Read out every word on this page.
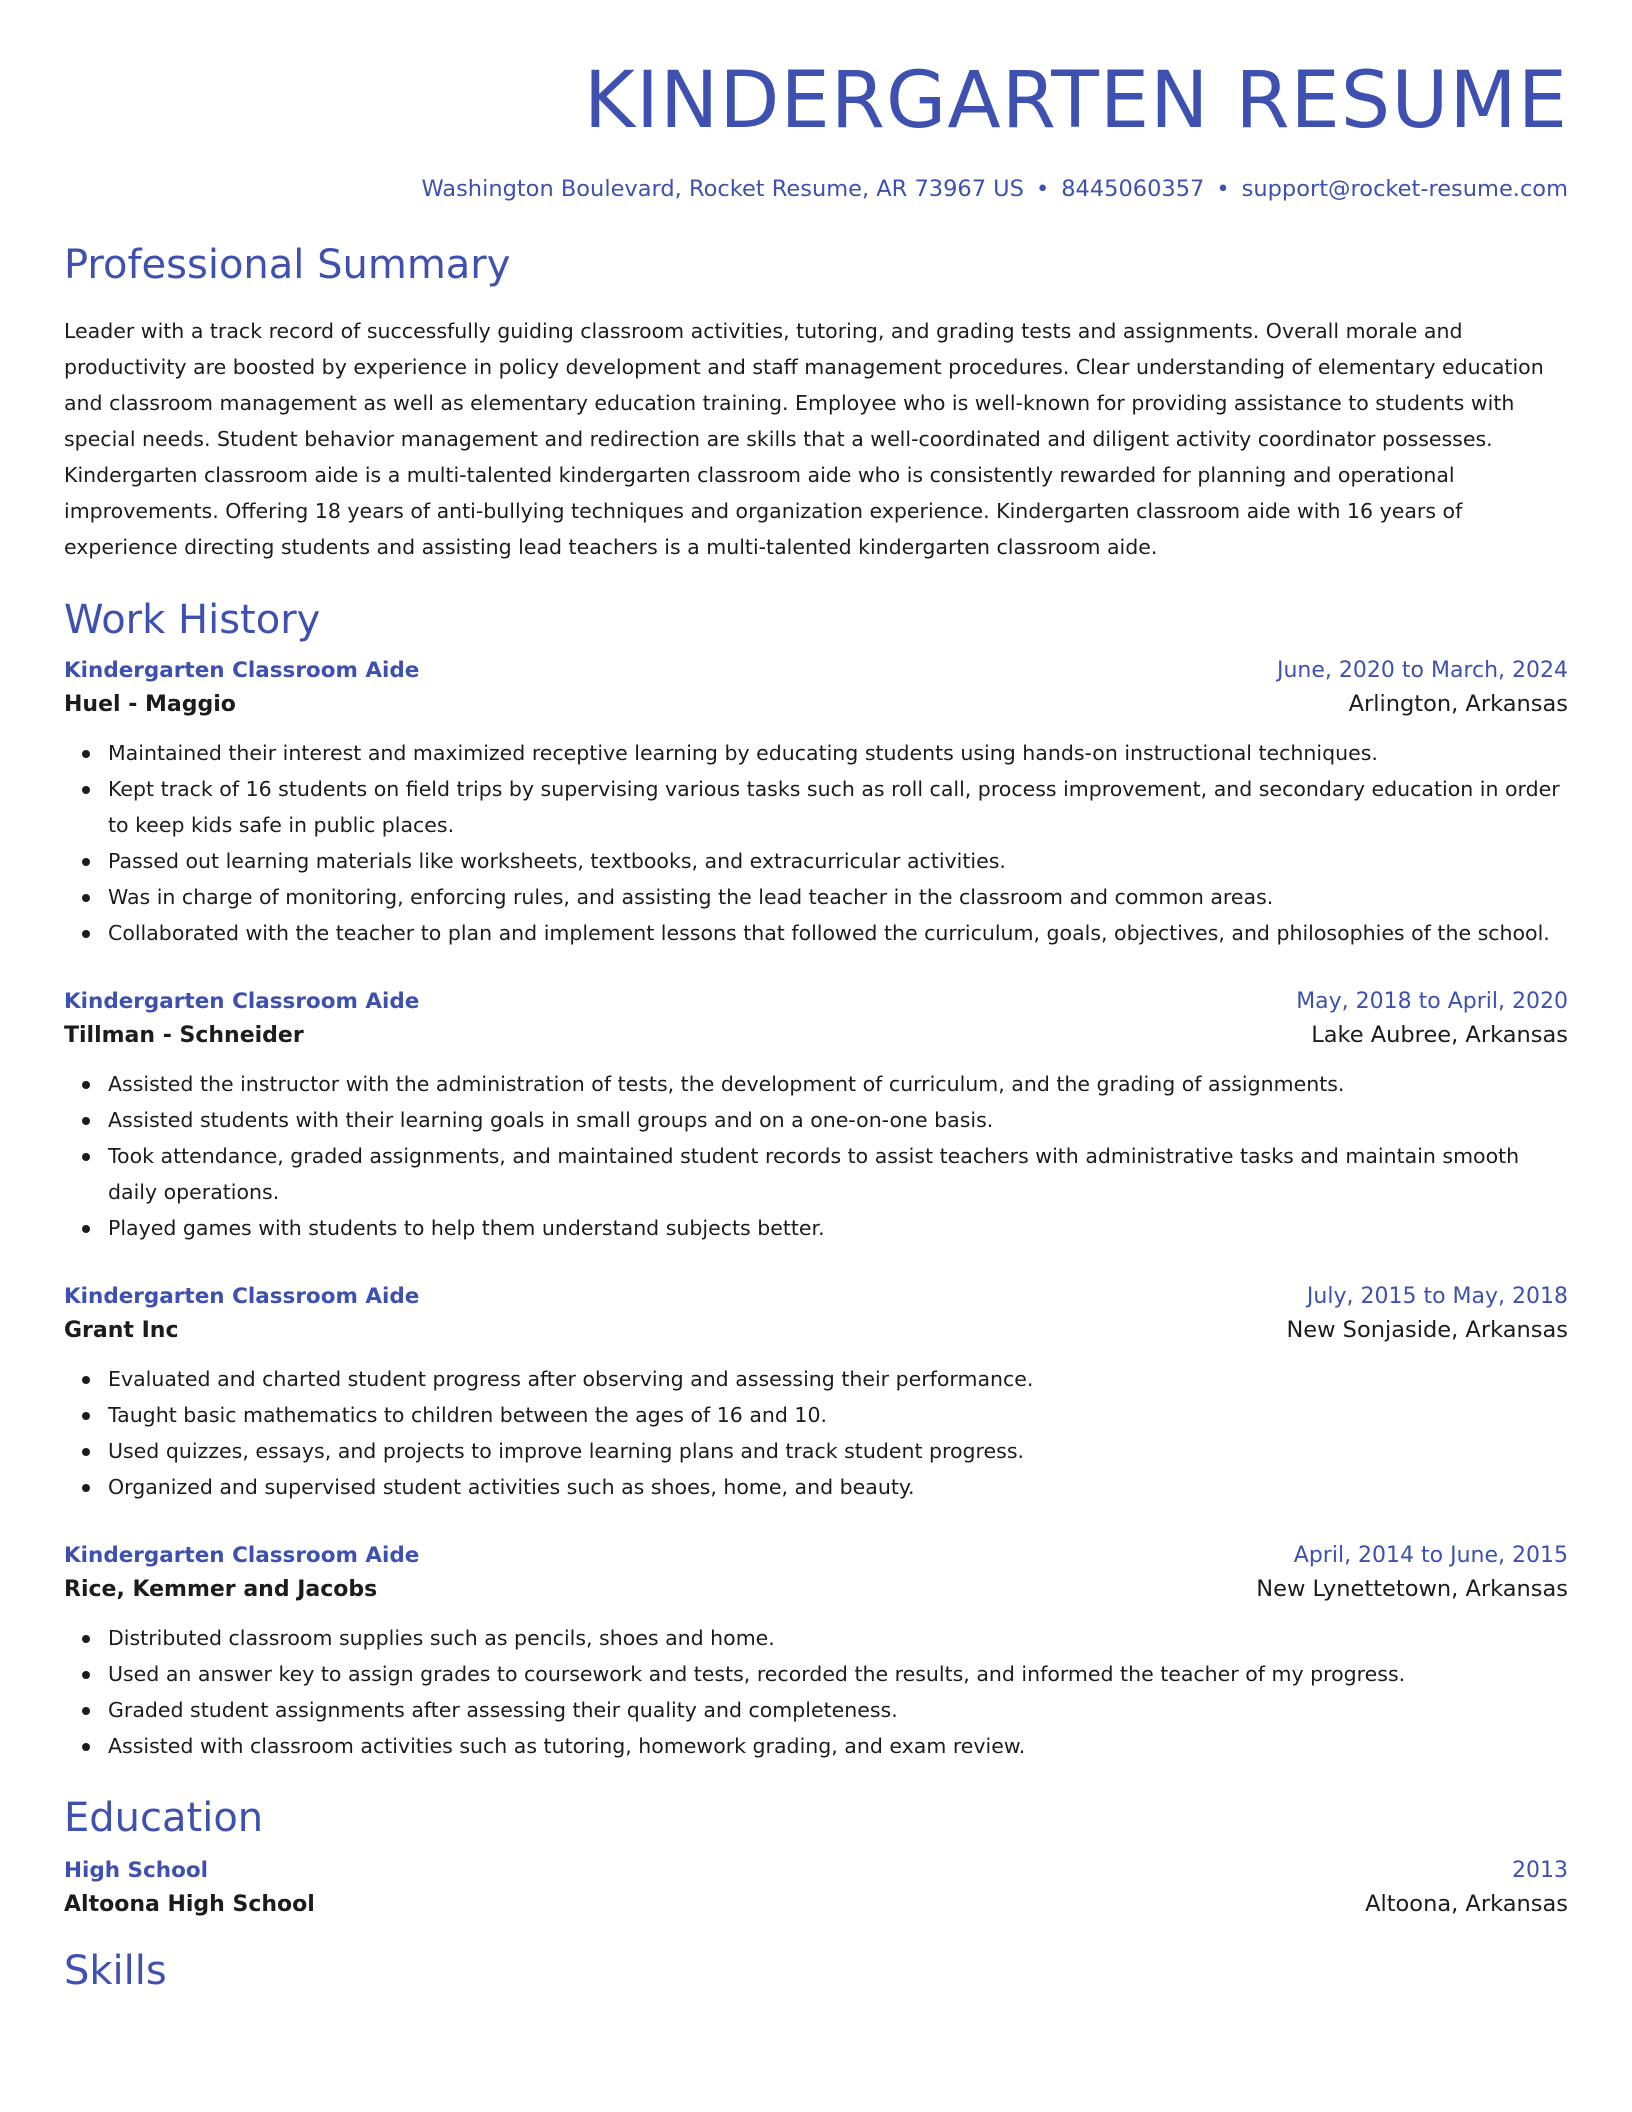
KINDERGARTEN RESUME
Washington Boulevard, Rocket Resume, AR 73967 US • 8445060357 • support@rocket-resume.com
Professional Summary

Leader with a track record of successfully guiding classroom activities, tutoring, and grading tests and assignments. Overall morale and productivity are boosted by experience in policy development and staff management procedures. Clear understanding of elementary education and classroom management as well as elementary education training. Employee who is well-known for providing assistance to students with special needs. Student behavior management and redirection are skills that a well-coordinated and diligent activity coordinator possesses. Kindergarten classroom aide is a multi-talented kindergarten classroom aide who is consistently rewarded for planning and operational improvements. Offering 18 years of anti-bullying techniques and organization experience. Kindergarten classroom aide with 16 years of experience directing students and assisting lead teachers is a multi-talented kindergarten classroom aide.

Work History
Kindergarten Classroom Aide	June, 2020 to March, 2024
Huel - Maggio	Arlington, Arkansas
Maintained their interest and maximized receptive learning by educating students using hands-on instructional techniques.
Kept track of 16 students on field trips by supervising various tasks such as roll call, process improvement, and secondary education in order to keep kids safe in public places.
Passed out learning materials like worksheets, textbooks, and extracurricular activities.
Was in charge of monitoring, enforcing rules, and assisting the lead teacher in the classroom and common areas.
Collaborated with the teacher to plan and implement lessons that followed the curriculum, goals, objectives, and philosophies of the school.
Kindergarten Classroom Aide	May, 2018 to April, 2020
Tillman - Schneider	Lake Aubree, Arkansas
Assisted the instructor with the administration of tests, the development of curriculum, and the grading of assignments.
Assisted students with their learning goals in small groups and on a one-on-one basis.
Took attendance, graded assignments, and maintained student records to assist teachers with administrative tasks and maintain smooth daily operations.
Played games with students to help them understand subjects better.
Kindergarten Classroom Aide	July, 2015 to May, 2018
Grant Inc	New Sonjaside, Arkansas
Evaluated and charted student progress after observing and assessing their performance.
Taught basic mathematics to children between the ages of 16 and 10.
Used quizzes, essays, and projects to improve learning plans and track student progress.
Organized and supervised student activities such as shoes, home, and beauty.
Kindergarten Classroom Aide	April, 2014 to June, 2015
Rice, Kemmer and Jacobs	New Lynettetown, Arkansas
Distributed classroom supplies such as pencils, shoes and home.
Used an answer key to assign grades to coursework and tests, recorded the results, and informed the teacher of my progress.
Graded student assignments after assessing their quality and completeness.
Assisted with classroom activities such as tutoring, homework grading, and exam review.
Education
High School	2013
Altoona High School	Altoona, Arkansas
Skills
